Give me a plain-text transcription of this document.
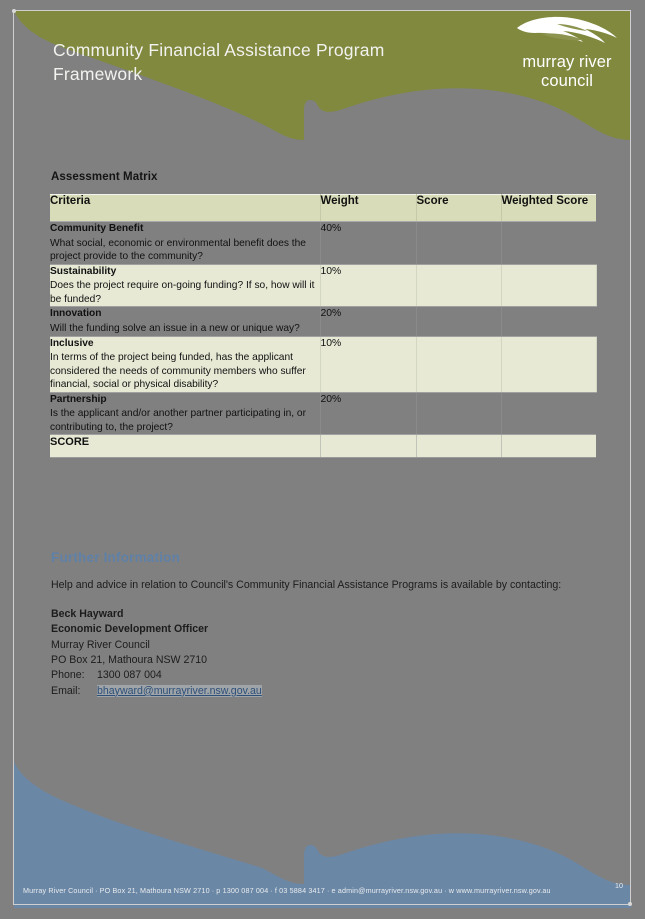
Community Financial Assistance Program
Framework
murray river
council
Assessment Matrix
Criteria	Weight	Score	Weighted Score

Community Benefit
What social, economic or environmental benefit does the project provide to the community?	40%		

Sustainability
Does the project require on-going funding? If so, how will it be funded?	10%		

Innovation
Will the funding solve an issue in a new or unique way?	20%		

Inclusive
In terms of the project being funded, has the applicant considered the needs of community members who suffer financial, social or physical disability?	10%		

Partnership
Is the applicant and/or another partner participating in, or contributing to, the project?	20%		
SCORE			
Further Information

Help and advice in relation to Council's Community Financial Assistance Programs is available by contacting:

Beck Hayward
Economic Development Officer
Murray River Council
PO Box 21, Mathoura NSW 2710
Phone: 1300 087 004
Email: bhayward@murrayriver.nsw.gov.au
Murray River Council · PO Box 21, Mathoura NSW 2710 · p 1300 087 004 · f 03 5884 3417 · e admin@murrayriver.nsw.gov.au · w www.murrayriver.nsw.gov.au
10
